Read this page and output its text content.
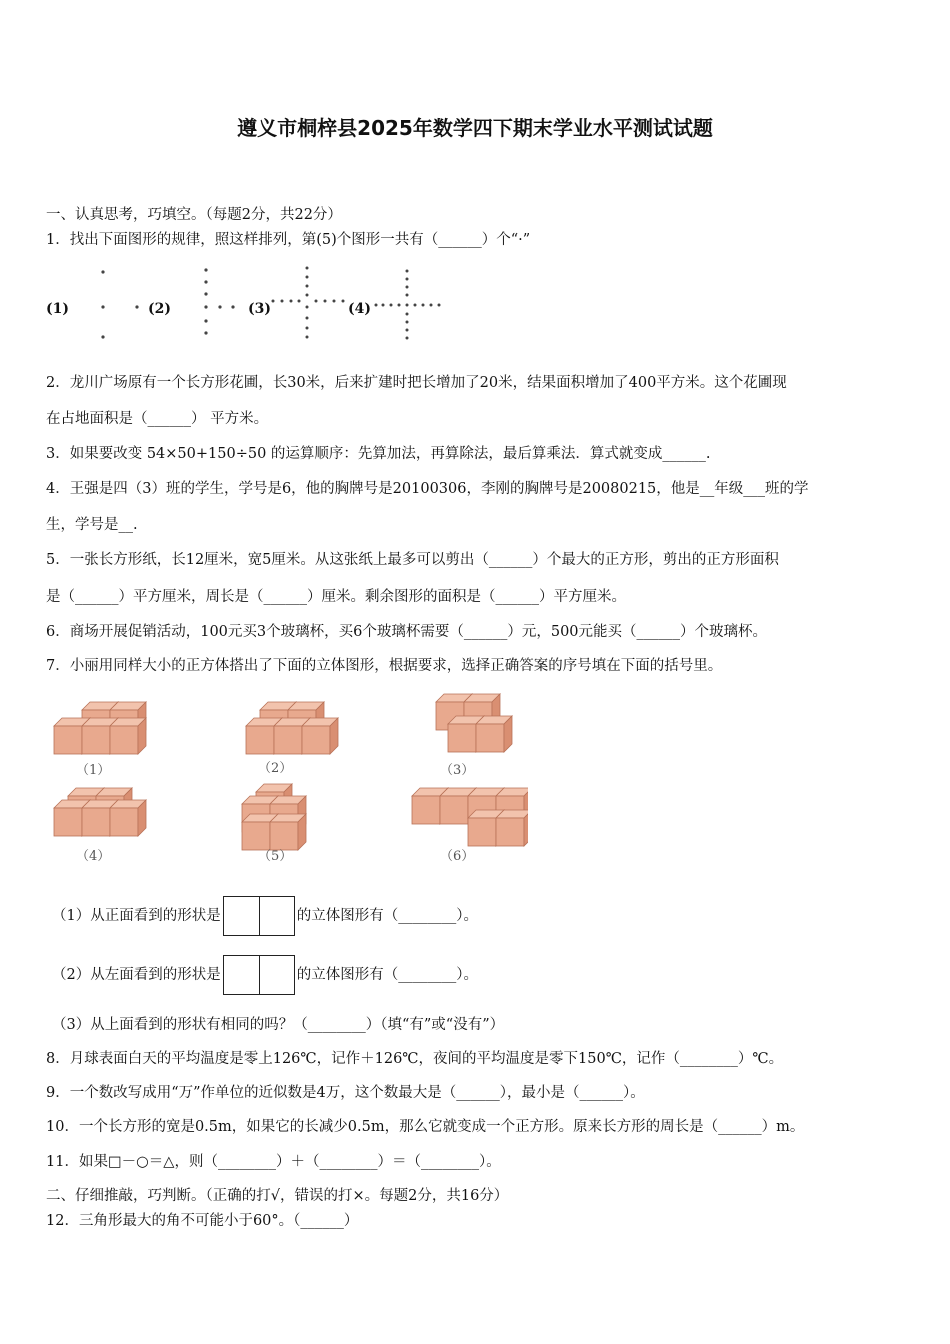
遵义市桐梓县2025年数学四下期末学业水平测试试题
一、认真思考，巧填空。（每题2分，共22分）
1．找出下面图形的规律，照这样排列，第(5)个图形一共有（______）个“·”
(1)	(2)	(3)	(4)
2．龙川广场原有一个长方形花圃，长30米，后来扩建时把长增加了20米，结果面积增加了400平方米。这个花圃现
在占地面积是（______） 平方米。
3．如果要改变 54×50+150÷50 的运算顺序：先算加法，再算除法，最后算乘法．算式就变成______.
4．王强是四（3）班的学生，学号是6，他的胸牌号是20100306，李刚的胸牌号是20080215，他是__年级___班的学
生，学号是__.
5．一张长方形纸，长12厘米，宽5厘米。从这张纸上最多可以剪出（______）个最大的正方形，剪出的正方形面积
是（______）平方厘米，周长是（______）厘米。剩余图形的面积是（______）平方厘米。
6．商场开展促销活动，100元买3个玻璃杯，买6个玻璃杯需要（______）元，500元能买（______）个玻璃杯。
7．小丽用同样大小的正方体搭出了下面的立体图形，根据要求，选择正确答案的序号填在下面的括号里。
（1）	（2）	（3）
（4）	（5）	（6）
（1）从正面看到的形状是	的立体图形有（________）。
（2）从左面看到的形状是	的立体图形有（________）。
（3）从上面看到的形状有相同的吗？（________）（填“有”或“没有”）
8．月球表面白天的平均温度是零上126℃，记作＋126℃，夜间的平均温度是零下150℃，记作（________）℃。
9．一个数改写成用“万”作单位的近似数是4万，这个数最大是（______），最小是（______）。
10．一个长方形的宽是0.5m，如果它的长减少0.5m，那么它就变成一个正方形。原来长方形的周长是（______）m。
11．如果□－○＝△，则（________）＋（________）＝（________）。
二、仔细推敲，巧判断。（正确的打√，错误的打×。每题2分，共16分）
12．三角形最大的角不可能小于60°。（______）
